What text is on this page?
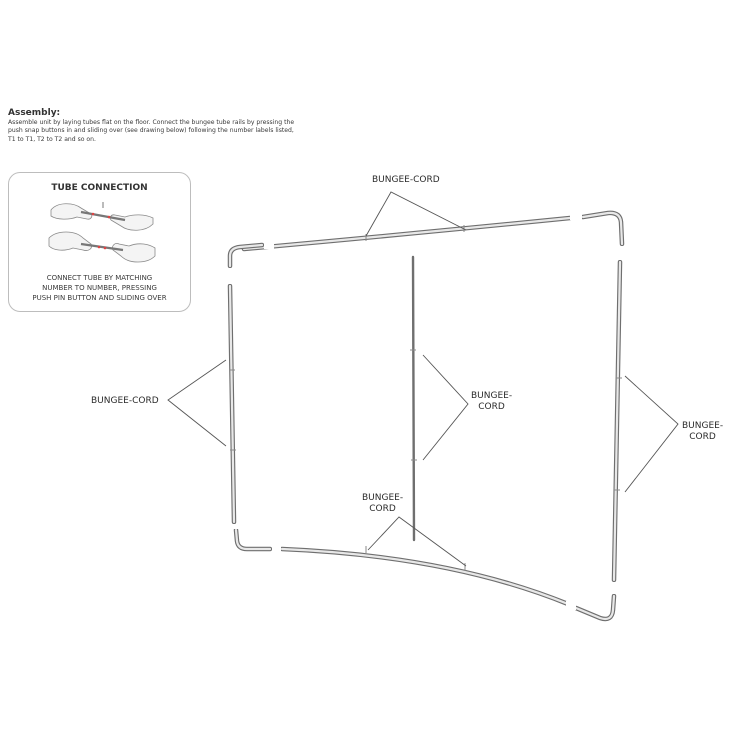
Assembly:

Assemble unit by laying tubes flat on the floor. Connect the bungee tube rails by pressing the
push snap buttons in and sliding over (see drawing below) following the number labels listed,
T1 to T1, T2 to T2 and so on.

TUBE CONNECTION
CONNECT TUBE BY MATCHING
NUMBER TO NUMBER, PRESSING
PUSH PIN BUTTON AND SLIDING OVER
BUNGEE-CORD
BUNGEE-CORD	BUNGEE-
CORD
BUNGEE-
CORD
BUNGEE-
CORD
